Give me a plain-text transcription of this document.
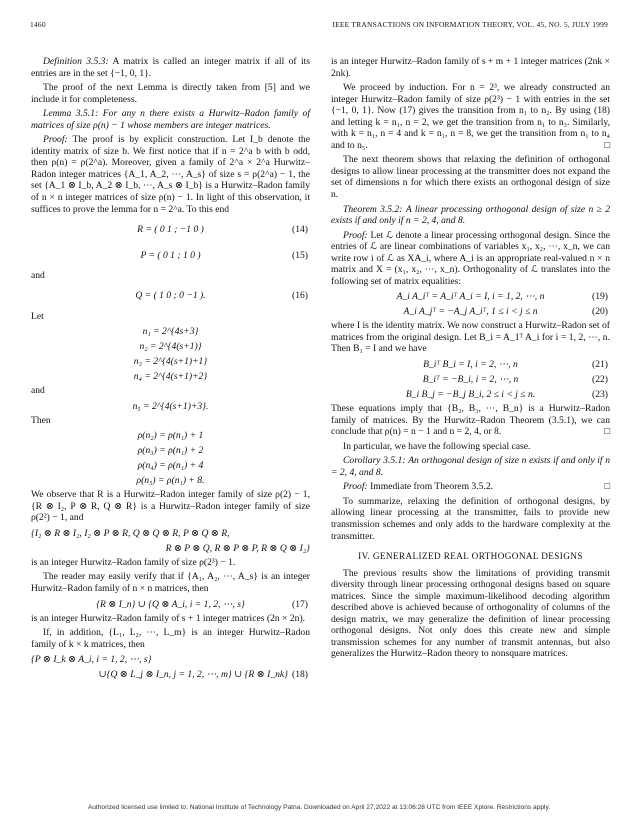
1460	IEEE TRANSACTIONS ON INFORMATION THEORY, VOL. 45, NO. 5, JULY 1999

Definition 3.5.3: A matrix is called an integer matrix if all of its entries are in the set {−1, 0, 1}.

The proof of the next Lemma is directly taken from [5] and we include it for completeness.

Lemma 3.5.1: For any n there exists a Hurwitz–Radon family of matrices of size ρ(n) − 1 whose members are integer matrices.

Proof: The proof is by explicit construction. Let I_b denote the identity matrix of size b. We first notice that if n = 2^a b with b odd, then ρ(n) = ρ(2^a). Moreover, given a family of 2^a × 2^a Hurwitz–Radon integer matrices {A_1, A_2, ⋯, A_s} of size s = ρ(2^a) − 1, the set {A_1 ⊗ I_b, A_2 ⊗ I_b, ⋯, A_s ⊗ I_b} is a Hurwitz–Radon family of n × n integer matrices of size ρ(n) − 1. In light of this observation, it suffices to prove the lemma for n = 2^a. To this end

R = ( 0 1 ; −1 0 )	(14)
P = ( 0 1 ; 1 0 )	(15)

and

Q = ( 1 0 ; 0 −1 ).	(16)

Let

n₁ = 2^{4s+3}
n₂ = 2^{4(s+1)}
n₃ = 2^{4(s+1)+1}
n₄ = 2^{4(s+1)+2}

and

n₅ = 2^{4(s+1)+3}.

Then

ρ(n₂) = ρ(n₁) + 1
ρ(n₃) = ρ(n₁) + 2
ρ(n₄) = ρ(n₁) + 4
ρ(n₅) = ρ(n₁) + 8.

We observe that R is a Hurwitz–Radon integer family of size ρ(2) − 1, {R ⊗ I₂, P ⊗ R, Q ⊗ R} is a Hurwitz–Radon integer family of size ρ(2²) − 1, and

{I₂ ⊗ R ⊗ I₂, I₂ ⊗ P ⊗ R, Q ⊗ Q ⊗ R, P ⊗ Q ⊗ R,
R ⊗ P ⊗ Q, R ⊗ P ⊗ P, R ⊗ Q ⊗ I₂}

is an integer Hurwitz–Radon family of size ρ(2³) − 1.

The reader may easily verify that if {A₁, A₂, ⋯, A_s} is an integer Hurwitz–Radon family of n × n matrices, then

{R ⊗ I_n} ∪ {Q ⊗ A_i, i = 1, 2, ⋯, s}	(17)

is an integer Hurwitz–Radon family of s + 1 integer matrices (2n × 2n).

If, in addition, {L₁, L₂, ⋯, L_m} is an integer Hurwitz–Radon family of k × k matrices, then

{P ⊗ I_k ⊗ A_i, i = 1, 2, ⋯, s}
∪{Q ⊗ L_j ⊗ I_n, j = 1, 2, ⋯, m} ∪ {R ⊗ I_nk} (18)

is an integer Hurwitz–Radon family of s + m + 1 integer matrices (2nk × 2nk).

We proceed by induction. For n = 2³, we already constructed an integer Hurwitz–Radon family of size ρ(2³) − 1 with entries in the set {−1, 0, 1}. Now (17) gives the transition from n₁ to n₂. By using (18) and letting k = n₁, n = 2, we get the transition from n₁ to n₃. Similarly, with k = n₁, n = 4 and k = n₁, n = 8, we get the transition from n₁ to n₄ and to n₅.	□

The next theorem shows that relaxing the definition of orthogonal designs to allow linear processing at the transmitter does not expand the set of dimensions n for which there exists an orthogonal design of size n.

Theorem 3.5.2: A linear processing orthogonal design of size n ≥ 2 exists if and only if n = 2, 4, and 8.

Proof: Let ℒ denote a linear processing orthogonal design. Since the entries of ℒ are linear combinations of variables x₁, x₂, ⋯, x_n, we can write row i of ℒ as XA_i, where A_i is an appropriate real-valued n × n matrix and X = (x₁, x₂, ⋯, x_n). Orthogonality of ℒ translates into the following set of matrix equalities:

A_i A_iᵀ = A_iᵀ A_i = I, i = 1, 2, ⋯, n	(19)
A_i A_jᵀ = −A_j A_iᵀ, 1 ≤ i < j ≤ n	(20)

where I is the identity matrix. We now construct a Hurwitz–Radon set of matrices from the original design. Let B_i = A_1ᵀ A_i for i = 1, 2, ⋯, n. Then B₁ = I and we have

B_iᵀ B_i = I, i = 2, ⋯, n	(21)
B_iᵀ = −B_i, i = 2, ⋯, n	(22)
B_i B_j = −B_j B_i, 2 ≤ i < j ≤ n.	(23)

These equations imply that {B₂, B₃, ⋯, B_n} is a Hurwitz–Radon family of matrices. By the Hurwitz–Radon Theorem (3.5.1), we can conclude that ρ(n) = n − 1 and n = 2, 4, or 8.	□

In particular, we have the following special case.

Corollary 3.5.1: An orthogonal design of size n exists if and only if n = 2, 4, and 8.

Proof: Immediate from Theorem 3.5.2.	□

To summarize, relaxing the definition of orthogonal designs, by allowing linear processing at the transmitter, fails to provide new transmission schemes and only adds to the hardware complexity at the transmitter.

IV. GENERALIZED REAL ORTHOGONAL DESIGNS

The previous results show the limitations of providing transmit diversity through linear processing orthogonal designs based on square matrices. Since the simple maximum-likelihood decoding algorithm described above is achieved because of orthogonality of columns of the design matrix, we may generalize the definition of linear processing orthogonal designs. Not only does this create new and simple transmission schemes for any number of transmit antennas, but also generalizes the Hurwitz–Radon theory to nonsquare matrices.

Authorized licensed use limited to: National Institute of Technology Patna. Downloaded on April 27,2022 at 13:06:28 UTC from IEEE Xplore. Restrictions apply.
